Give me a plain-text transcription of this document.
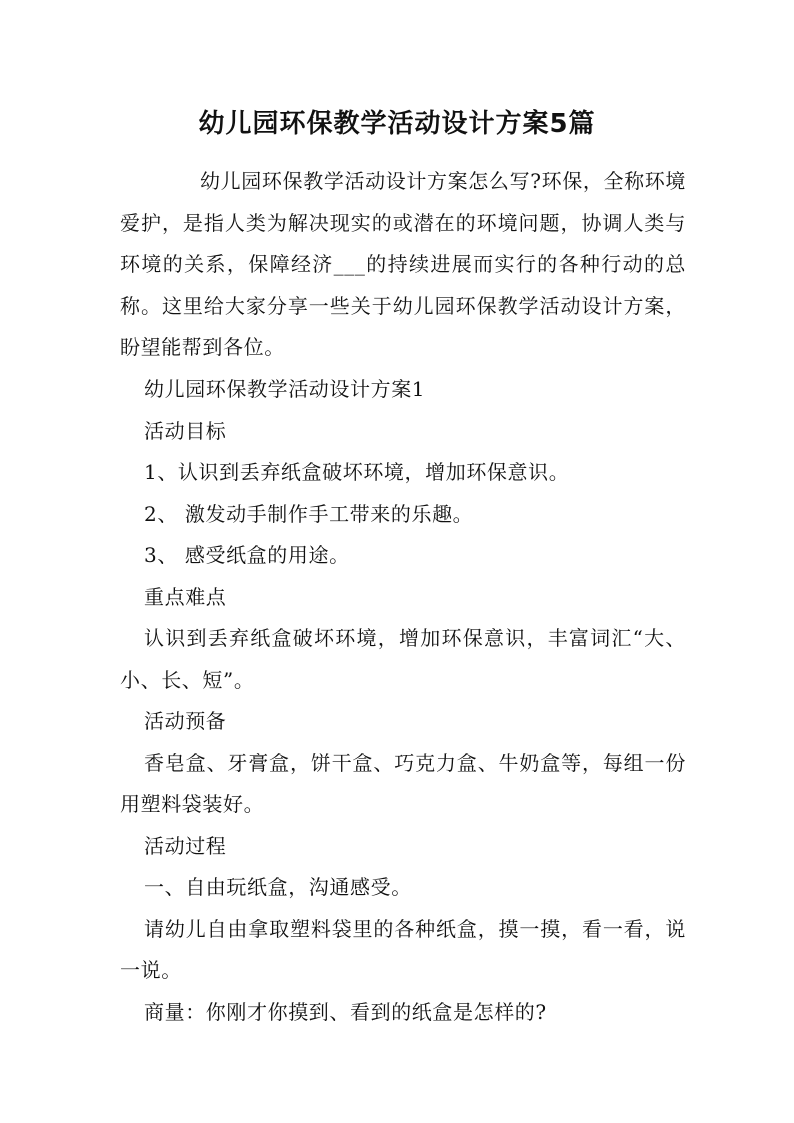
幼儿园环保教学活动设计方案5篇

幼儿园环保教学活动设计方案怎么写?环保，全称环境爱护，是指人类为解决现实的或潜在的环境问题，协调人类与环境的关系，保障经济___的持续进展而实行的各种行动的总称。这里给大家分享一些关于幼儿园环保教学活动设计方案，盼望能帮到各位。

幼儿园环保教学活动设计方案1

活动目标

1、认识到丢弃纸盒破坏环境，增加环保意识。

2、 激发动手制作手工带来的乐趣。

3、 感受纸盒的用途。

重点难点

认识到丢弃纸盒破坏环境，增加环保意识，丰富词汇“大、小、长、短”。

活动预备

香皂盒、牙膏盒，饼干盒、巧克力盒、牛奶盒等，每组一份用塑料袋装好。

活动过程

一、自由玩纸盒，沟通感受。

请幼儿自由拿取塑料袋里的各种纸盒，摸一摸，看一看，说一说。

商量：你刚才你摸到、看到的纸盒是怎样的?
